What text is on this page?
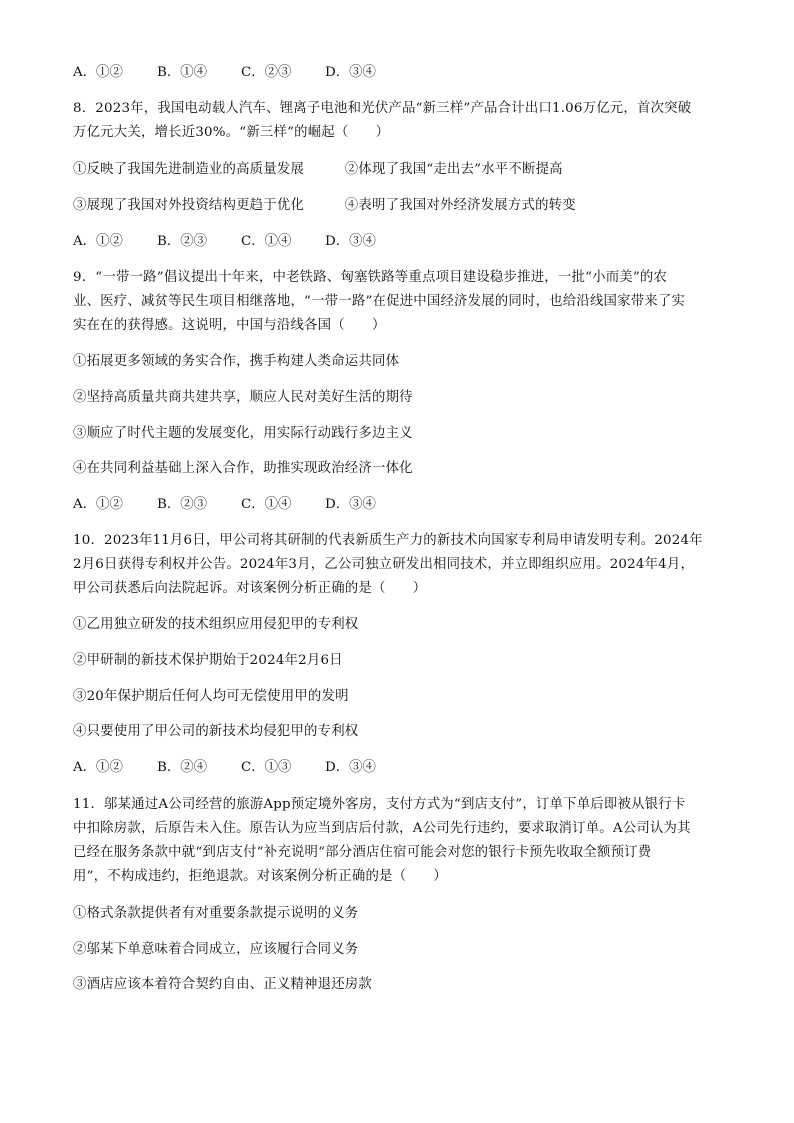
A．①②	B．①④	C．②③	D．③④
8．2023年，我国电动载人汽车、锂离子电池和光伏产品“新三样”产品合计出口1.06万亿元，首次突破
万亿元大关，增长近30%。“新三样”的崛起（　　）
①反映了我国先进制造业的高质量发展　　　②体现了我国“走出去”水平不断提高
③展现了我国对外投资结构更趋于优化　　　④表明了我国对外经济发展方式的转变
A．①②	B．②③	C．①④	D．③④
9．“一带一路”倡议提出十年来，中老铁路、匈塞铁路等重点项目建设稳步推进，一批“小而美”的农
业、医疗、减贫等民生项目相继落地，“一带一路”在促进中国经济发展的同时，也给沿线国家带来了实
实在在的获得感。这说明，中国与沿线各国（　　）
①拓展更多领域的务实合作，携手构建人类命运共同体
②坚持高质量共商共建共享，顺应人民对美好生活的期待
③顺应了时代主题的发展变化，用实际行动践行多边主义
④在共同利益基础上深入合作，助推实现政治经济一体化
A．①②	B．②③	C．①④	D．③④
10．2023年11月6日，甲公司将其研制的代表新质生产力的新技术向国家专利局申请发明专利。2024年
2月6日获得专利权并公告。2024年3月，乙公司独立研发出相同技术，并立即组织应用。2024年4月，
甲公司获悉后向法院起诉。对该案例分析正确的是（　　）
①乙用独立研发的技术组织应用侵犯甲的专利权
②甲研制的新技术保护期始于2024年2月6日
③20年保护期后任何人均可无偿使用甲的发明
④只要使用了甲公司的新技术均侵犯甲的专利权
A．①②	B．②④	C．①③	D．③④
11．邬某通过A公司经营的旅游App预定境外客房，支付方式为“到店支付”，订单下单后即被从银行卡
中扣除房款，后原告未入住。原告认为应当到店后付款，A公司先行违约，要求取消订单。A公司认为其
已经在服务条款中就“到店支付”补充说明“部分酒店住宿可能会对您的银行卡预先收取全额预订费
用”，不构成违约，拒绝退款。对该案例分析正确的是（　　）
①格式条款提供者有对重要条款提示说明的义务
②邬某下单意味着合同成立，应该履行合同义务
③酒店应该本着符合契约自由、正义精神退还房款
